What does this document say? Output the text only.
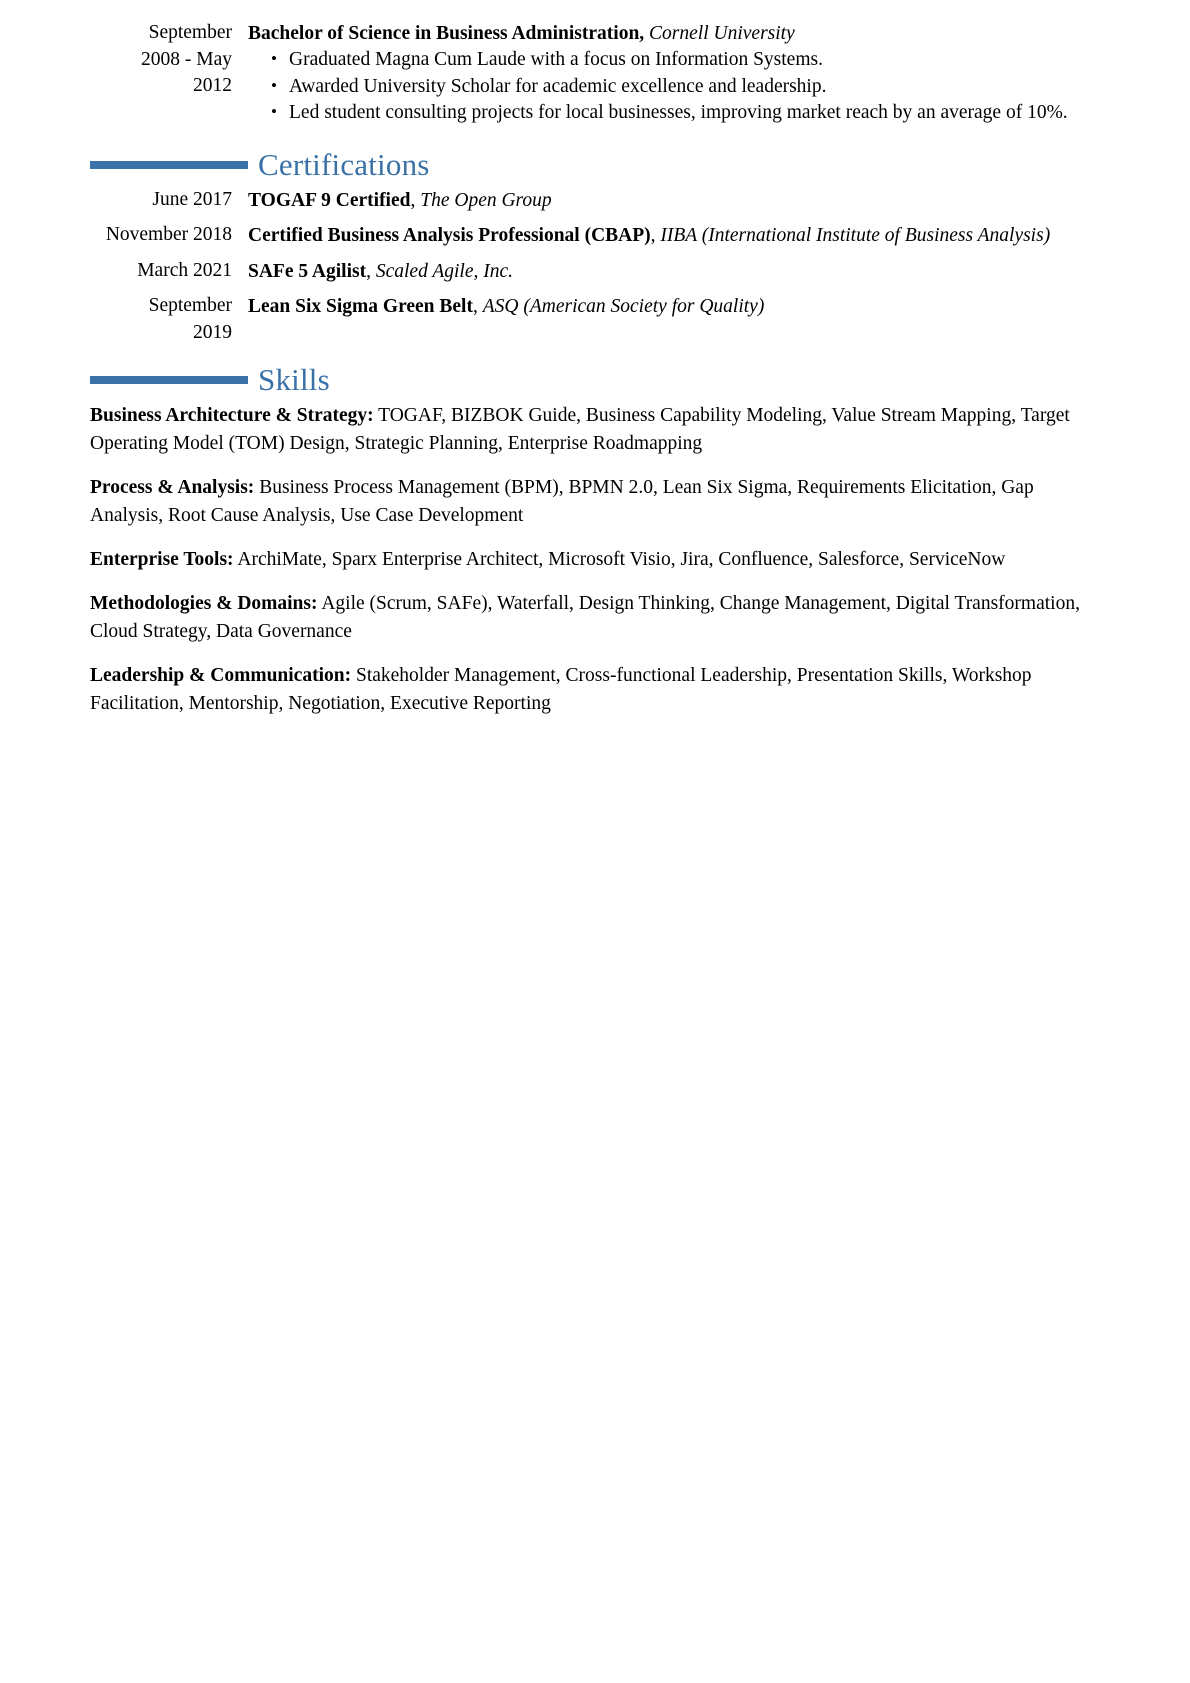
September
2008 - May
2012
Bachelor of Science in Business Administration, Cornell University
• Graduated Magna Cum Laude with a focus on Information Systems.
• Awarded University Scholar for academic excellence and leadership.
• Led student consulting projects for local businesses, improving market reach by an average of 10%.
Certifications
June 2017 TOGAF 9 Certified, The Open Group
November 2018 Certified Business Analysis Professional (CBAP), IIBA (International Institute of Business Analysis)
March 2021 SAFe 5 Agilist, Scaled Agile, Inc.
September
2019
Lean Six Sigma Green Belt, ASQ (American Society for Quality)
Skills
Business Architecture & Strategy: TOGAF, BIZBOK Guide, Business Capability Modeling, Value Stream Mapping, Target Operating Model (TOM) Design, Strategic Planning, Enterprise Roadmapping
Process & Analysis: Business Process Management (BPM), BPMN 2.0, Lean Six Sigma, Requirements Elicitation, Gap Analysis, Root Cause Analysis, Use Case Development
Enterprise Tools: ArchiMate, Sparx Enterprise Architect, Microsoft Visio, Jira, Confluence, Salesforce, ServiceNow
Methodologies & Domains: Agile (Scrum, SAFe), Waterfall, Design Thinking, Change Management, Digital Transformation, Cloud Strategy, Data Governance
Leadership & Communication: Stakeholder Management, Cross-functional Leadership, Presentation Skills, Workshop Facilitation, Mentorship, Negotiation, Executive Reporting
